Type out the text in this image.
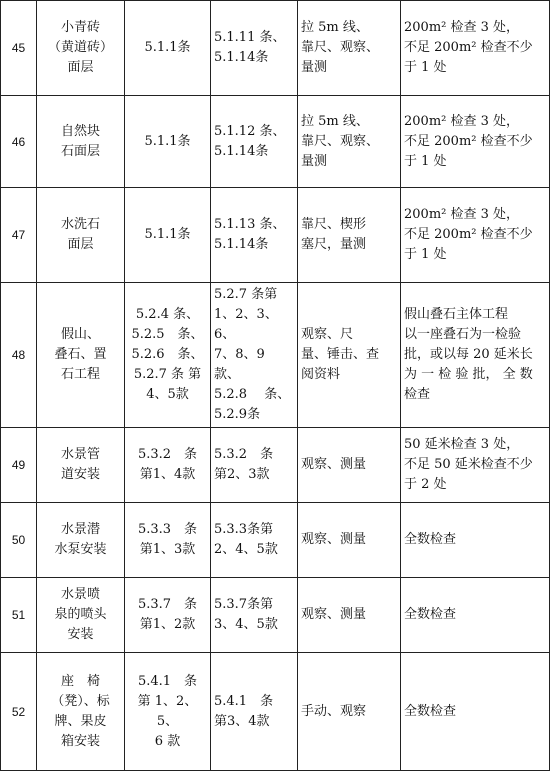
45	小青砖
（黄道砖）
面层	5.1.1条	5.1.11 条、
5.1.14条	拉 5m 线、
靠尺、观察、
量测	200m² 检查 3 处，
不足 200m² 检查不少
于 1 处
46	自然块
石面层	5.1.1条	5.1.12 条、
5.1.14条	拉 5m 线、
靠尺、观察、
量测	200m² 检查 3 处，
不足 200m² 检查不少
于 1 处
47	水洗石
面层	5.1.1条	5.1.13 条、
5.1.14条	靠尺、楔形
塞尺，量测	200m² 检查 3 处，
不足 200m² 检查不少
于 1 处
48	假山、
叠石、置
石工程	5.2.4 条、
5.2.5　条、
5.2.6　条、
5.2.7 条 第
4、5款	5.2.7 条第
1、2、3、6、
7、8、9 款、
5.2.8　 条、
5.2.9条	观察、尺
量、锤击、查
阅资料	假山叠石主体工程
以一座叠石为一检验
批，或以每 20 延米长
为 一 检 验 批， 全 数
检查
49	水景管
道安装	5.3.2　条
第1、4款	5.3.2　条
第2、3款	观察、测量	50 延米检查 3 处，
不足 50 延米检查不少
于 2 处
50	水景潜
水泵安装	5.3.3　条
第1、3款	5.3.3条第
2、4、5款	观察、测量	全数检查
51	水景喷
泉的喷头
安装	5.3.7　条
第1、2款	5.3.7条第
3、4、5款	观察、测量	全数检查
52	座　椅
（凳）、标
牌、果皮
箱安装	5.4.1　条
第 1、2、5、
6 款	5.4.1　条
第3、4款	手动、观察	全数检查
